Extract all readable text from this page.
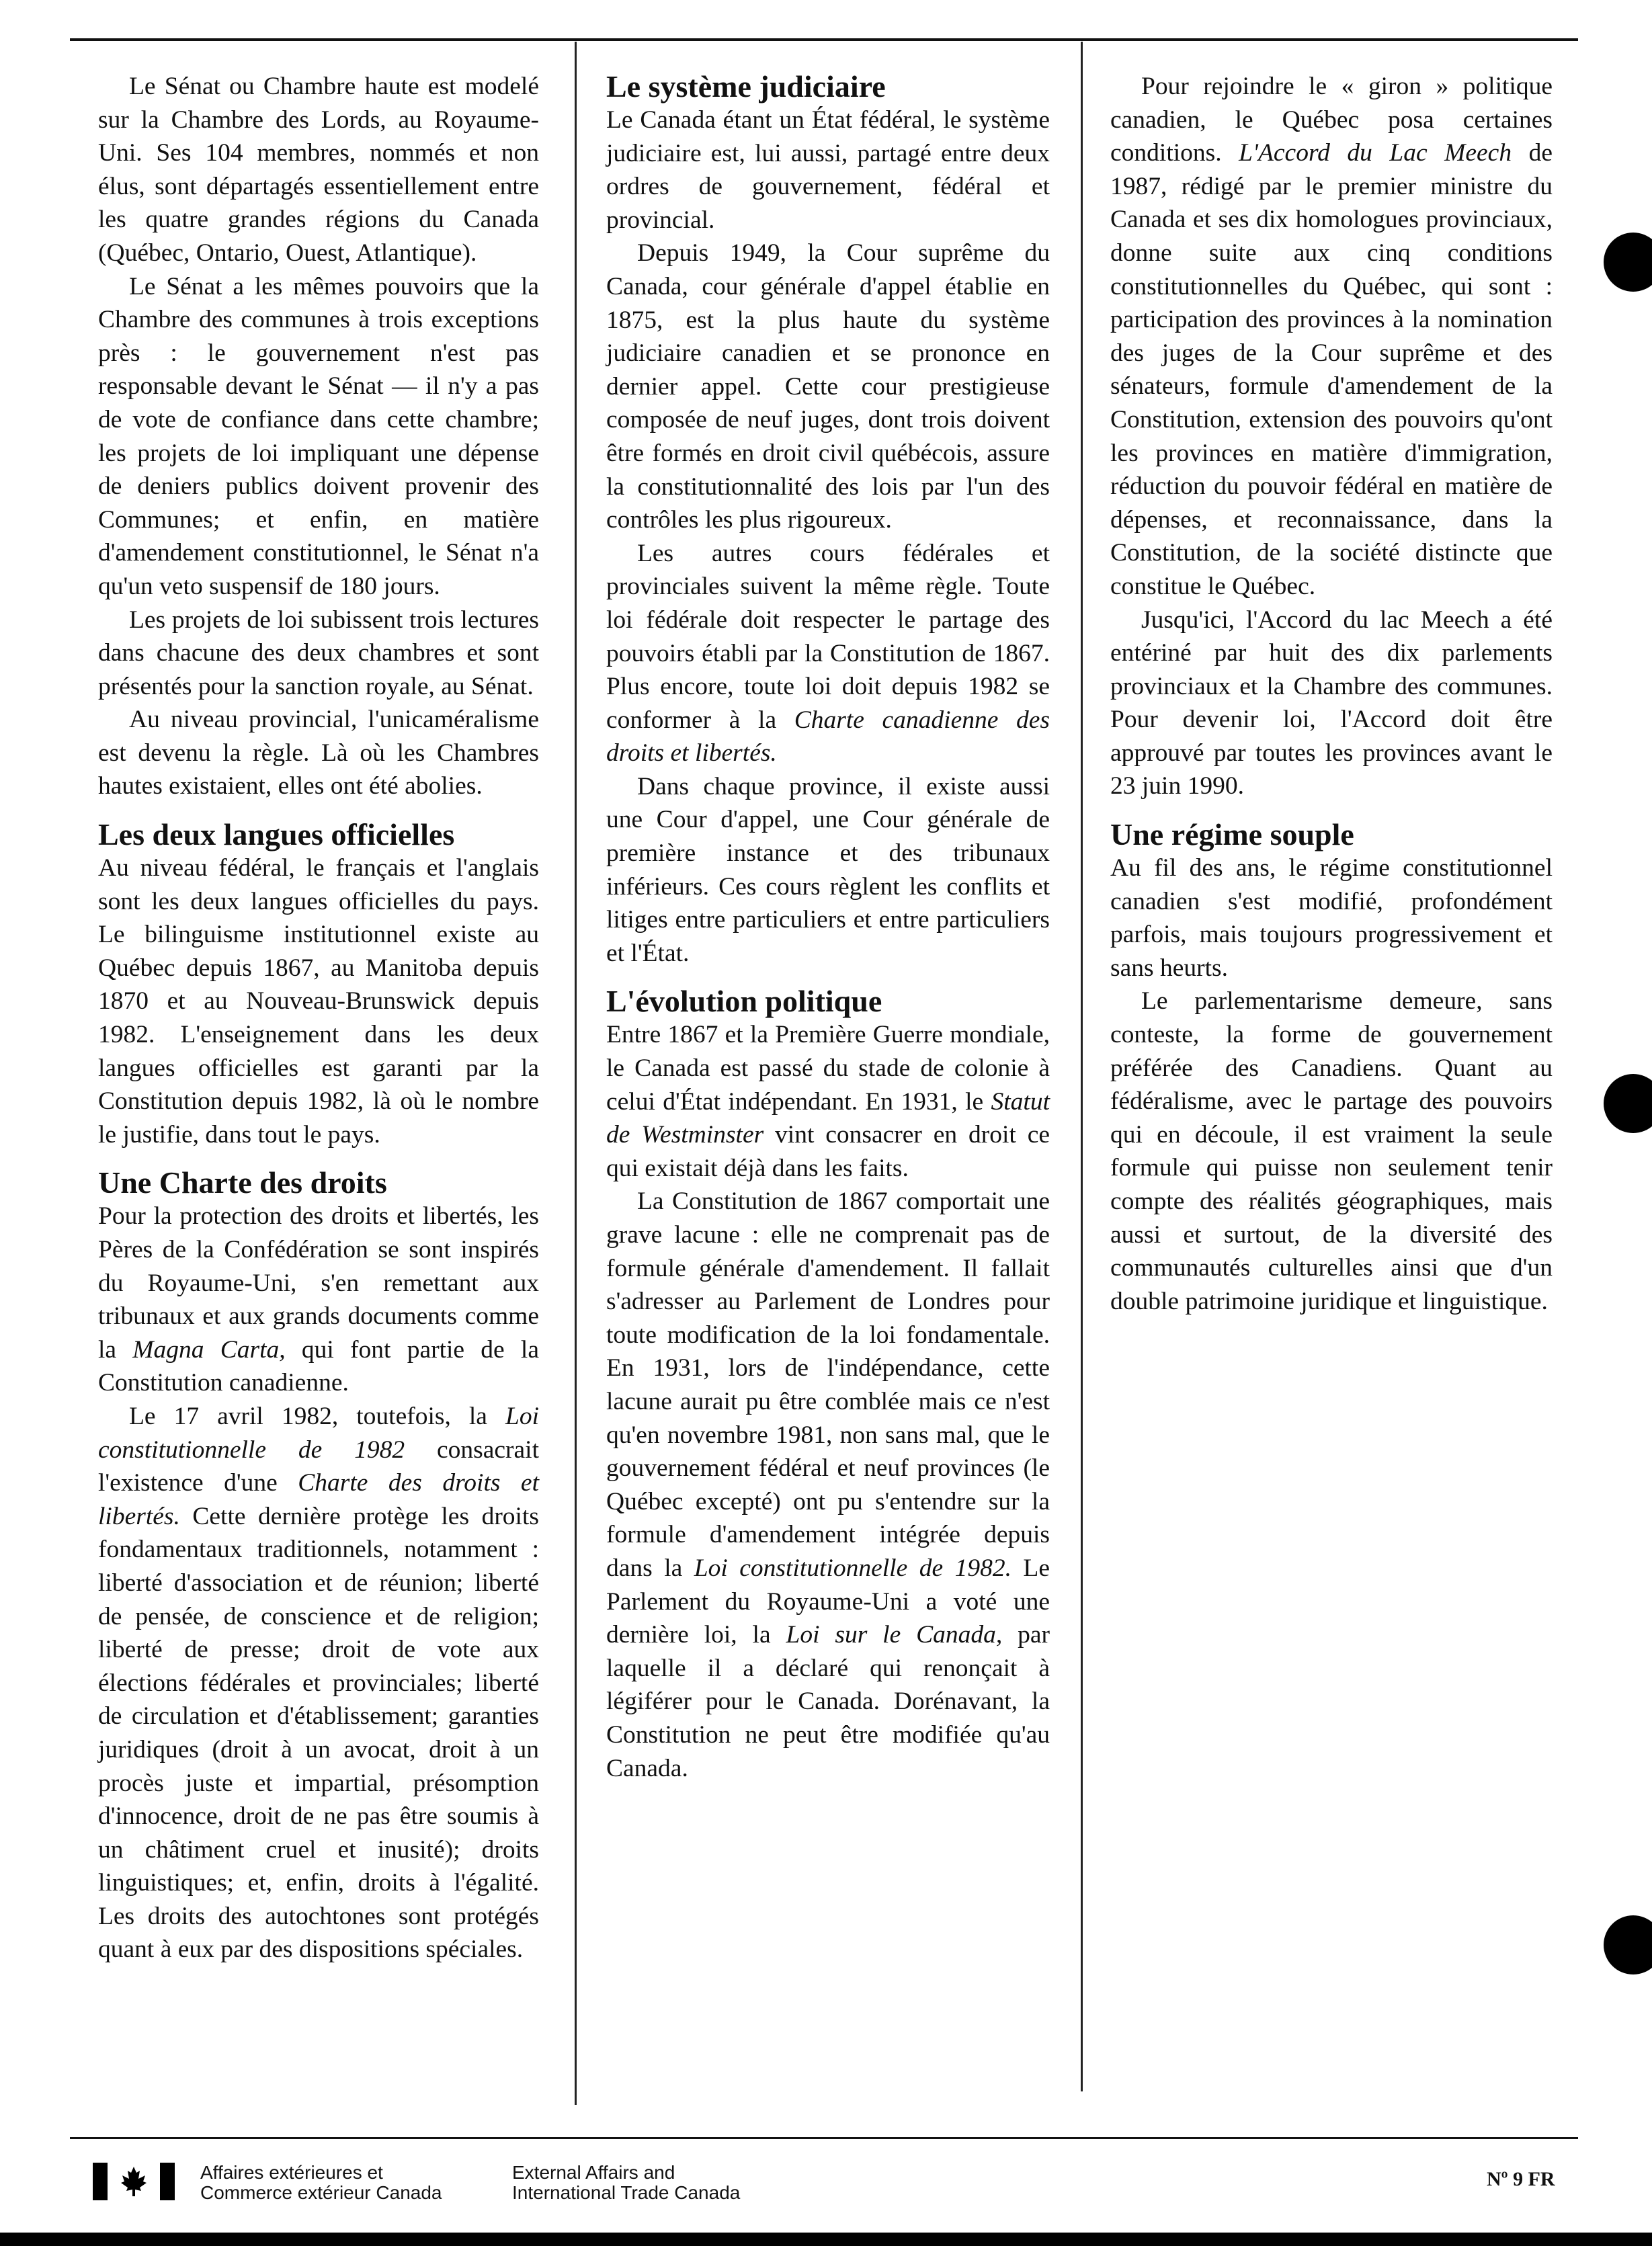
Le Sénat ou Chambre haute est modelé sur la Chambre des Lords, au Royaume-Uni. Ses 104 membres, nommés et non élus, sont départagés essentiellement entre les quatre grandes régions du Canada (Québec, Ontario, Ouest, Atlantique).

Le Sénat a les mêmes pouvoirs que la Chambre des communes à trois exceptions près : le gouvernement n'est pas responsable devant le Sénat — il n'y a pas de vote de confiance dans cette chambre; les projets de loi impliquant une dépense de deniers publics doivent provenir des Communes; et enfin, en matière d'amendement constitutionnel, le Sénat n'a qu'un veto suspensif de 180 jours.

Les projets de loi subissent trois lectures dans chacune des deux chambres et sont présentés pour la sanction royale, au Sénat.

Au niveau provincial, l'unicaméralisme est devenu la règle. Là où les Chambres hautes existaient, elles ont été abolies.

Les deux langues officielles

Au niveau fédéral, le français et l'anglais sont les deux langues officielles du pays. Le bilinguisme institutionnel existe au Québec depuis 1867, au Manitoba depuis 1870 et au Nouveau-Brunswick depuis 1982. L'enseignement dans les deux langues officielles est garanti par la Constitution depuis 1982, là où le nombre le justifie, dans tout le pays.

Une Charte des droits

Pour la protection des droits et libertés, les Pères de la Confédération se sont inspirés du Royaume-Uni, s'en remettant aux tribunaux et aux grands documents comme la Magna Carta, qui font partie de la Constitution canadienne.

Le 17 avril 1982, toutefois, la Loi constitutionnelle de 1982 consacrait l'existence d'une Charte des droits et libertés. Cette dernière protège les droits fondamentaux traditionnels, notamment : liberté d'association et de réunion; liberté de pensée, de conscience et de religion; liberté de presse; droit de vote aux élections fédérales et provinciales; liberté de circulation et d'établissement; garanties juridiques (droit à un avocat, droit à un procès juste et impartial, présomption d'innocence, droit de ne pas être soumis à un châtiment cruel et inusité); droits linguistiques; et, enfin, droits à l'égalité. Les droits des autochtones sont protégés quant à eux par des dispositions spéciales.

Le système judiciaire

Le Canada étant un État fédéral, le système judiciaire est, lui aussi, partagé entre deux ordres de gouvernement, fédéral et provincial.

Depuis 1949, la Cour suprême du Canada, cour générale d'appel établie en 1875, est la plus haute du système judiciaire canadien et se prononce en dernier appel. Cette cour prestigieuse composée de neuf juges, dont trois doivent être formés en droit civil québécois, assure la constitutionnalité des lois par l'un des contrôles les plus rigoureux.

Les autres cours fédérales et provinciales suivent la même règle. Toute loi fédérale doit respecter le partage des pouvoirs établi par la Constitution de 1867. Plus encore, toute loi doit depuis 1982 se conformer à la Charte canadienne des droits et libertés.

Dans chaque province, il existe aussi une Cour d'appel, une Cour générale de première instance et des tribunaux inférieurs. Ces cours règlent les conflits et litiges entre particuliers et entre particuliers et l'État.

L'évolution politique

Entre 1867 et la Première Guerre mondiale, le Canada est passé du stade de colonie à celui d'État indépendant. En 1931, le Statut de Westminster vint consacrer en droit ce qui existait déjà dans les faits.

La Constitution de 1867 comportait une grave lacune : elle ne comprenait pas de formule générale d'amendement. Il fallait s'adresser au Parlement de Londres pour toute modification de la loi fondamentale. En 1931, lors de l'indépendance, cette lacune aurait pu être comblée mais ce n'est qu'en novembre 1981, non sans mal, que le gouvernement fédéral et neuf provinces (le Québec excepté) ont pu s'entendre sur la formule d'amendement intégrée depuis dans la Loi constitutionnelle de 1982. Le Parlement du Royaume-Uni a voté une dernière loi, la Loi sur le Canada, par laquelle il a déclaré qui renonçait à légiférer pour le Canada. Dorénavant, la Constitution ne peut être modifiée qu'au Canada.

Pour rejoindre le « giron » politique canadien, le Québec posa certaines conditions. L'Accord du Lac Meech de 1987, rédigé par le premier ministre du Canada et ses dix homologues provinciaux, donne suite aux cinq conditions constitutionnelles du Québec, qui sont : participation des provinces à la nomination des juges de la Cour suprême et des sénateurs, formule d'amendement de la Constitution, extension des pouvoirs qu'ont les provinces en matière d'immigration, réduction du pouvoir fédéral en matière de dépenses, et reconnaissance, dans la Constitution, de la société distincte que constitue le Québec.

Jusqu'ici, l'Accord du lac Meech a été entériné par huit des dix parlements provinciaux et la Chambre des communes. Pour devenir loi, l'Accord doit être approuvé par toutes les provinces avant le 23 juin 1990.

Une régime souple

Au fil des ans, le régime constitutionnel canadien s'est modifié, profondément parfois, mais toujours progressivement et sans heurts.

Le parlementarisme demeure, sans conteste, la forme de gouvernement préférée des Canadiens. Quant au fédéralisme, avec le partage des pouvoirs qui en découle, il est vraiment la seule formule qui puisse non seulement tenir compte des réalités géographiques, mais aussi et surtout, de la diversité des communautés culturelles ainsi que d'un double patrimoine juridique et linguistique.

Affaires extérieures et
Commerce extérieur Canada
External Affairs and
International Trade Canada
Nº 9 FR
